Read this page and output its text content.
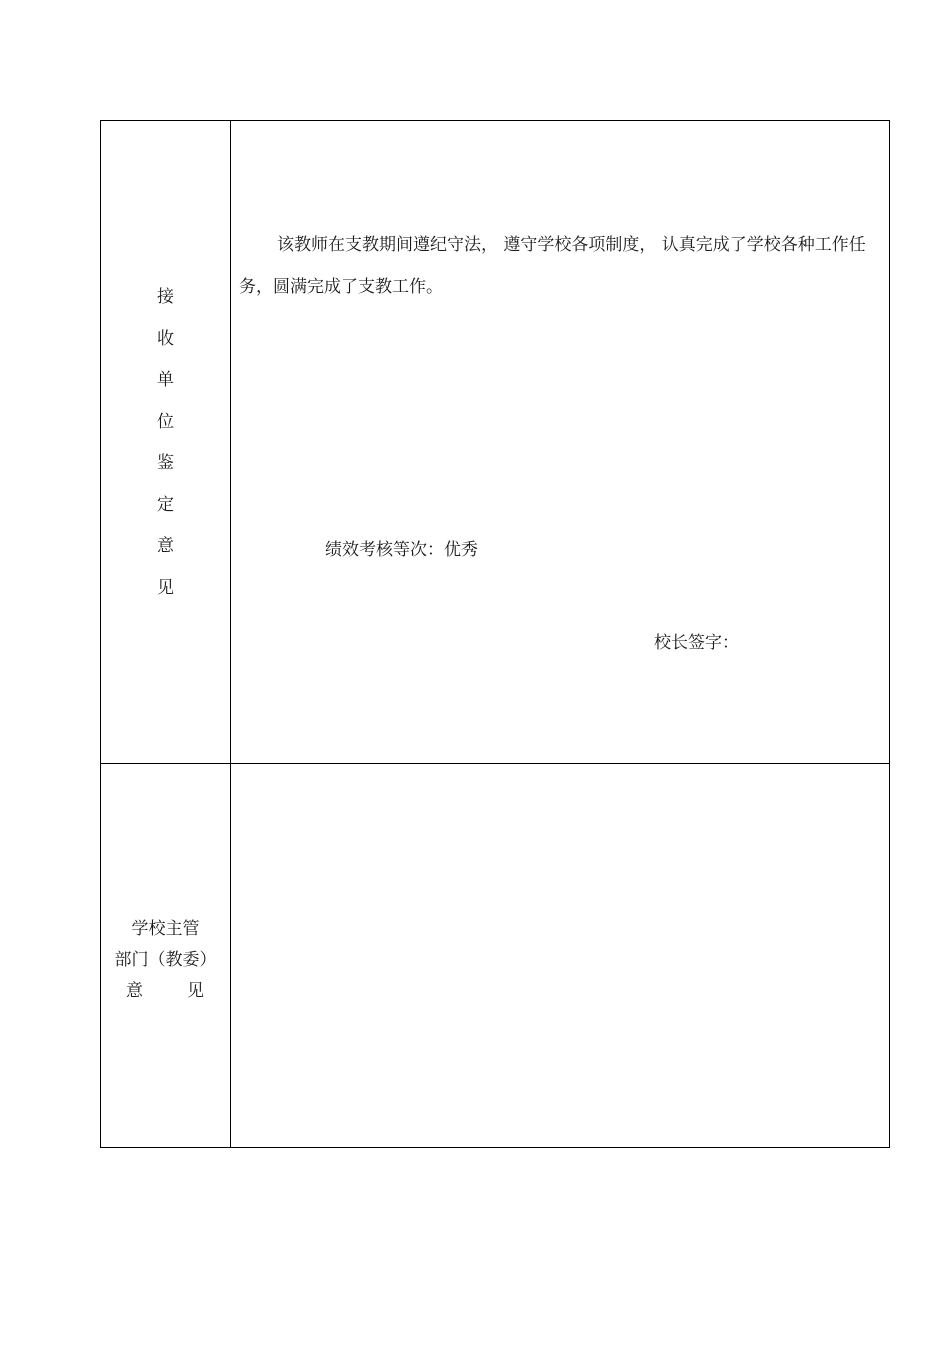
接
收
单
位
鉴
定
意
见

该教师在支教期间遵纪守法， 遵守学校各项制度， 认真完成了学校各种工作任务，圆满完成了支教工作。

绩效考核等次：优秀
校长签字：
学校主管
部门（教委）
意	见
